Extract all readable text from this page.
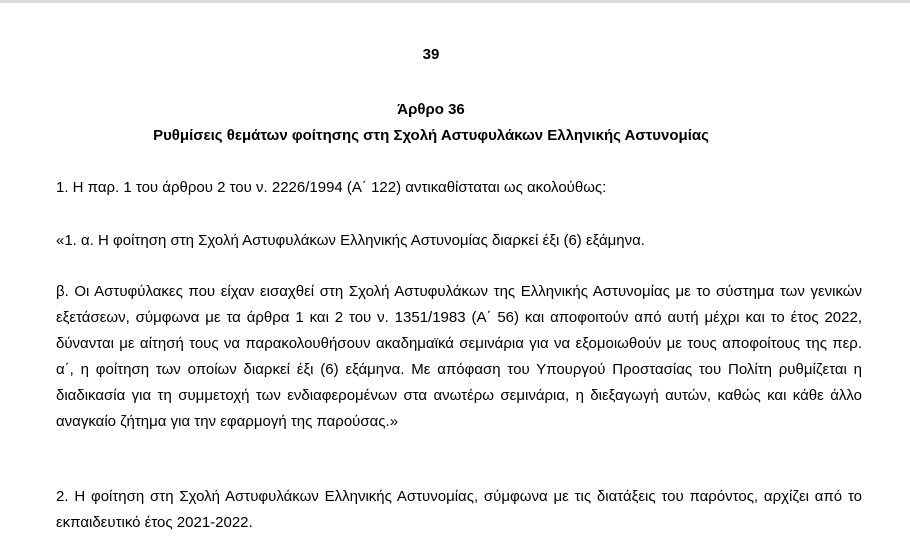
39
Άρθρο 36
Ρυθμίσεις θεμάτων φοίτησης στη Σχολή Αστυφυλάκων Ελληνικής Αστυνομίας
1. Η παρ. 1 του άρθρου 2 του ν. 2226/1994 (Α΄ 122) αντικαθίσταται ως ακολούθως:
«1. α. Η φοίτηση στη Σχολή Αστυφυλάκων Ελληνικής Αστυνομίας διαρκεί έξι (6) εξάμηνα.
β. Οι Αστυφύλακες που είχαν εισαχθεί στη Σχολή Αστυφυλάκων της Ελληνικής Αστυνομίας με το σύστημα των γενικών εξετάσεων, σύμφωνα με τα άρθρα 1 και 2 του ν. 1351/1983 (Α΄ 56) και αποφοιτούν από αυτή μέχρι και το έτος 2022, δύνανται με αίτησή τους να παρακολουθήσουν ακαδημαϊκά σεμινάρια για να εξομοιωθούν με τους αποφοίτους της περ. α΄, η φοίτηση των οποίων διαρκεί έξι (6) εξάμηνα. Με απόφαση του Υπουργού Προστασίας του Πολίτη ρυθμίζεται η διαδικασία για τη συμμετοχή των ενδιαφερομένων στα ανωτέρω σεμινάρια, η διεξαγωγή αυτών, καθώς και κάθε άλλο αναγκαίο ζήτημα για την εφαρμογή της παρούσας.»
2. Η φοίτηση στη Σχολή Αστυφυλάκων Ελληνικής Αστυνομίας, σύμφωνα με τις διατάξεις του παρόντος, αρχίζει από το εκπαιδευτικό έτος 2021-2022.
